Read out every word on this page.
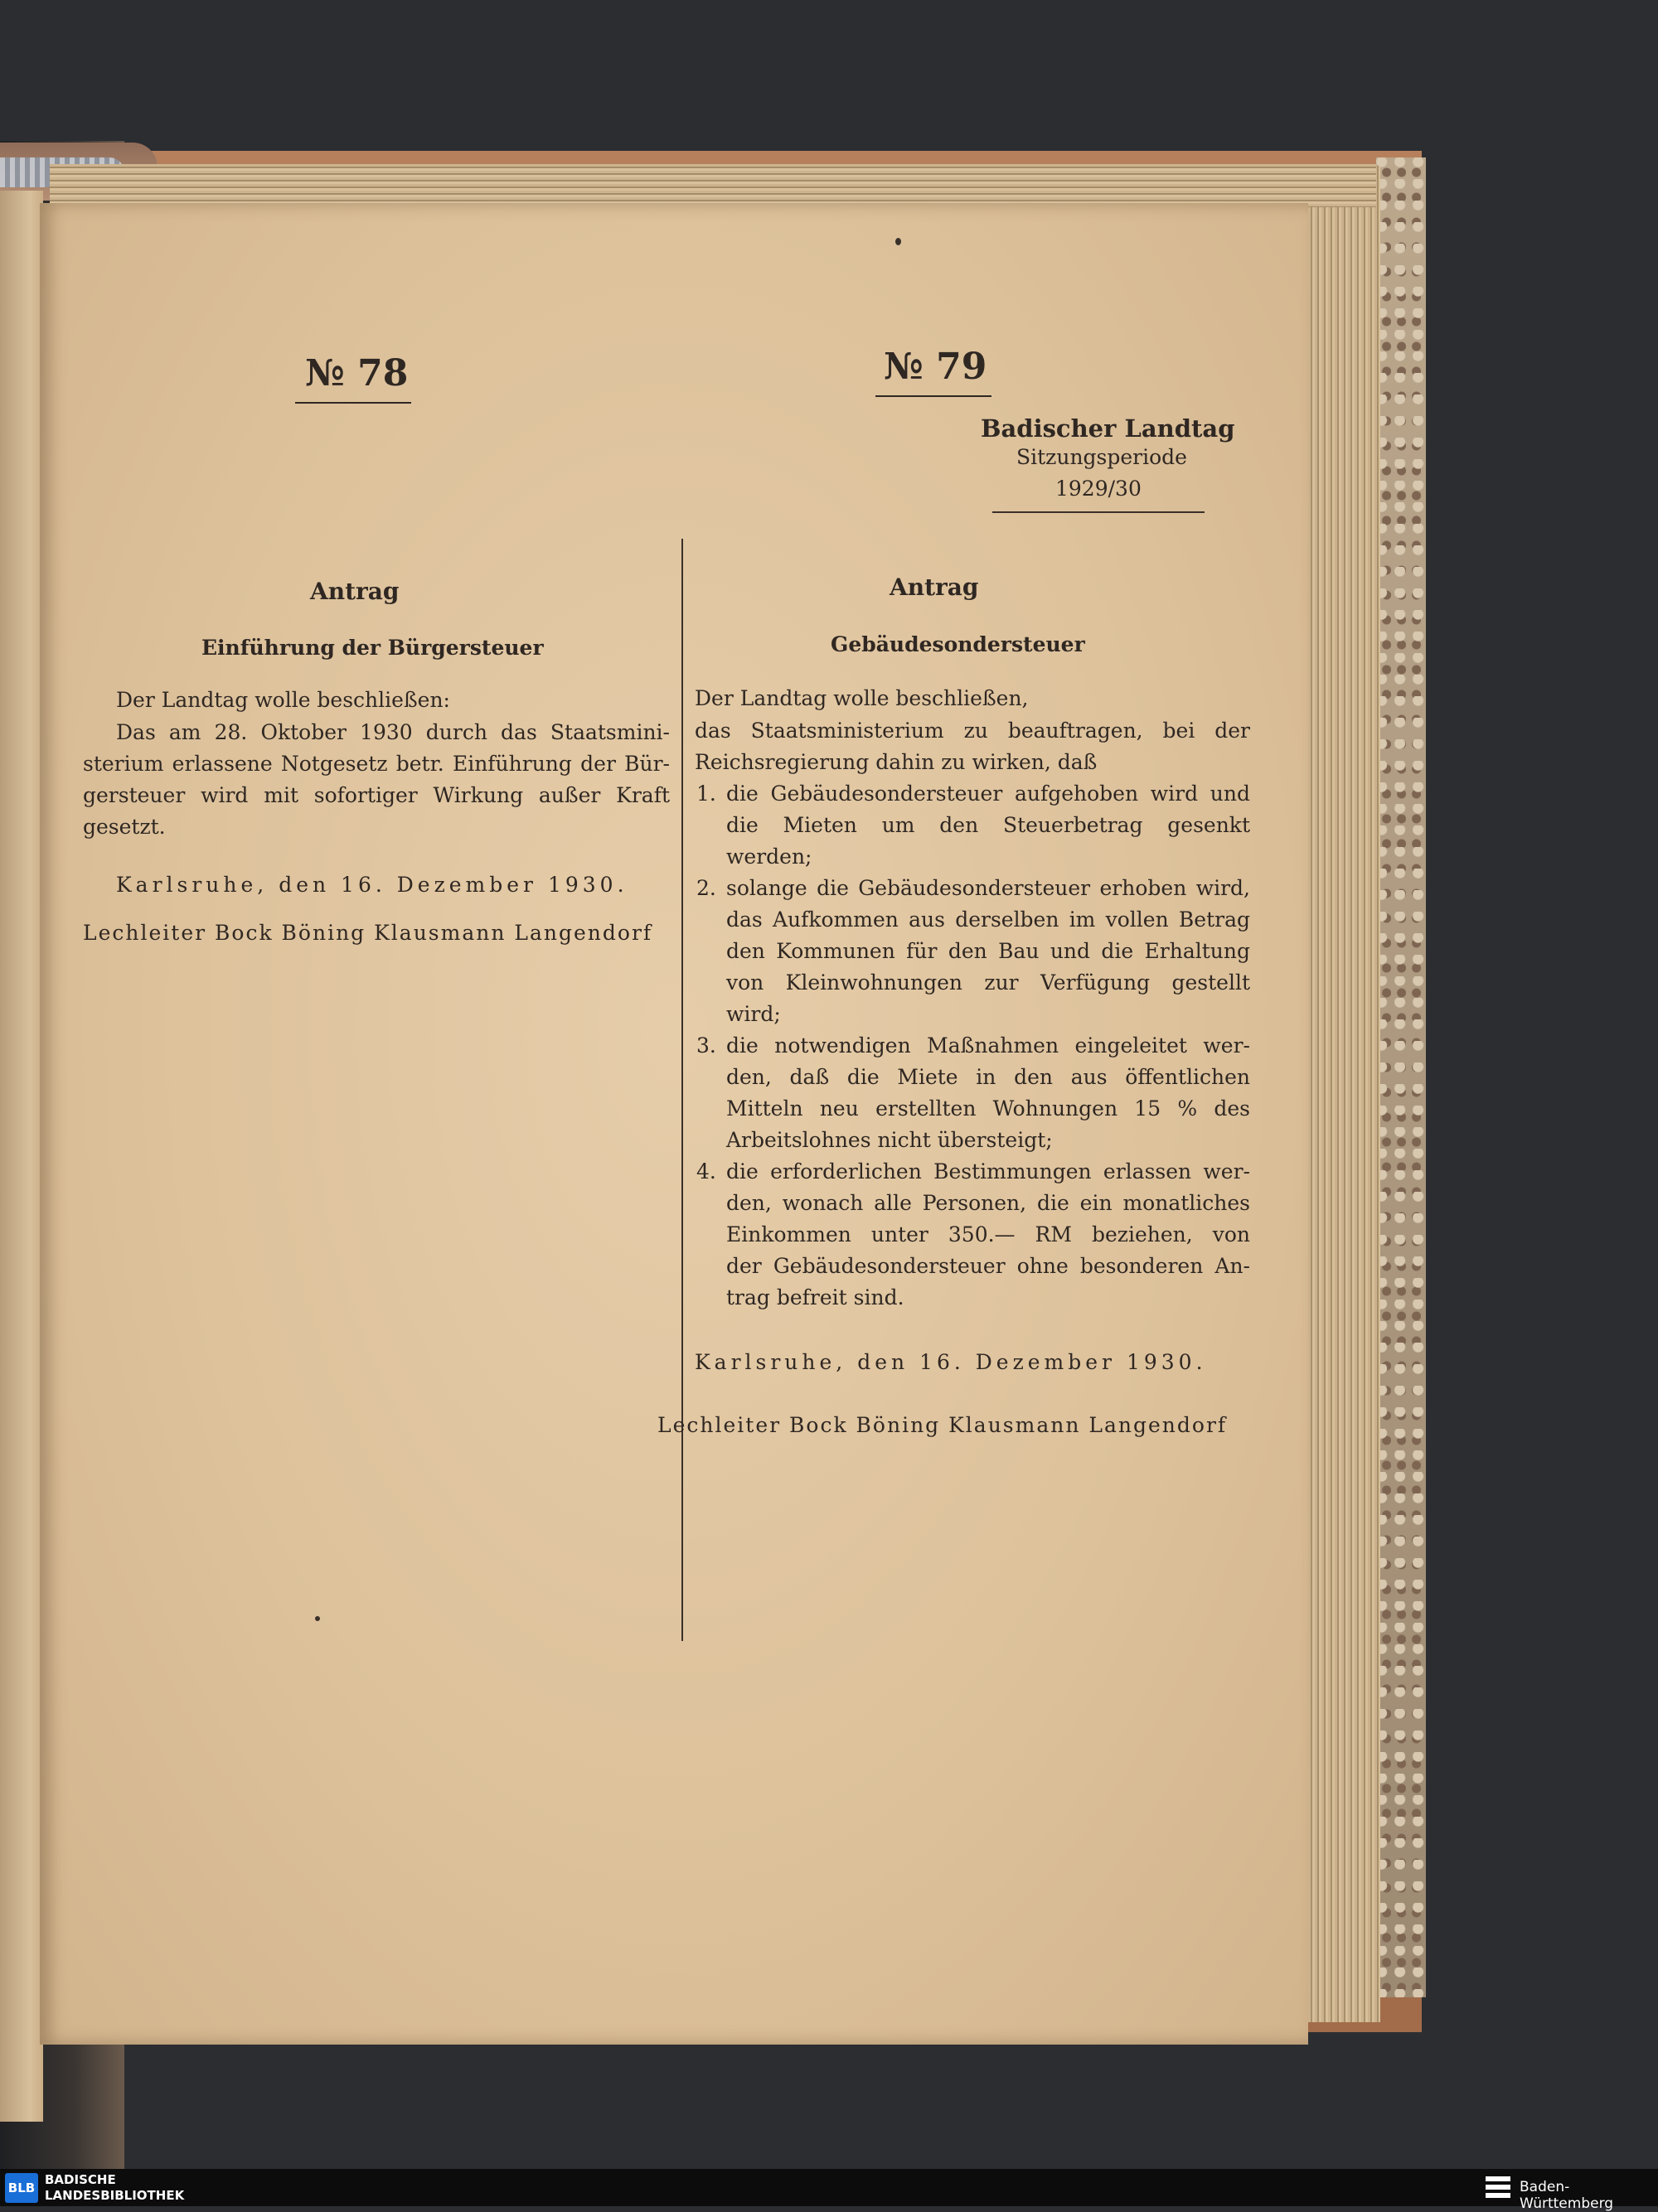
№ 78
Antrag
Einführung der Bürgersteuer
Der Landtag wolle beschließen:
Das am 28. Oktober 1930 durch das Staatsmini-
sterium erlassene Notgesetz betr. Einführung der Bür-
gersteuer wird mit sofortiger Wirkung außer Kraft
gesetzt.
Karlsruhe, den 16. Dezember 1930.
Lechleiter Bock Böning Klausmann Langendorf
№ 79
Badischer Landtag
Sitzungsperiode
1929/30
Antrag
Gebäudesondersteuer
Der Landtag wolle beschließen,
das Staatsministerium zu beauftragen, bei der
Reichsregierung dahin zu wirken, daß
1. die Gebäudesondersteuer aufgehoben wird und
die Mieten um den Steuerbetrag gesenkt
werden;
2. solange die Gebäudesondersteuer erhoben wird,
das Aufkommen aus derselben im vollen Betrag
den Kommunen für den Bau und die Erhaltung
von Kleinwohnungen zur Verfügung gestellt
wird;
3. die notwendigen Maßnahmen eingeleitet wer-
den, daß die Miete in den aus öffentlichen
Mitteln neu erstellten Wohnungen 15 % des
Arbeitslohnes nicht übersteigt;
4. die erforderlichen Bestimmungen erlassen wer-
den, wonach alle Personen, die ein monatliches
Einkommen unter 350.— RM beziehen, von
der Gebäudesondersteuer ohne besonderen An-
trag befreit sind.
Karlsruhe, den 16. Dezember 1930.
Lechleiter Bock Böning Klausmann Langendorf
BLB
BADISCHE
LANDESBIBLIOTHEK	Baden-Württemberg
